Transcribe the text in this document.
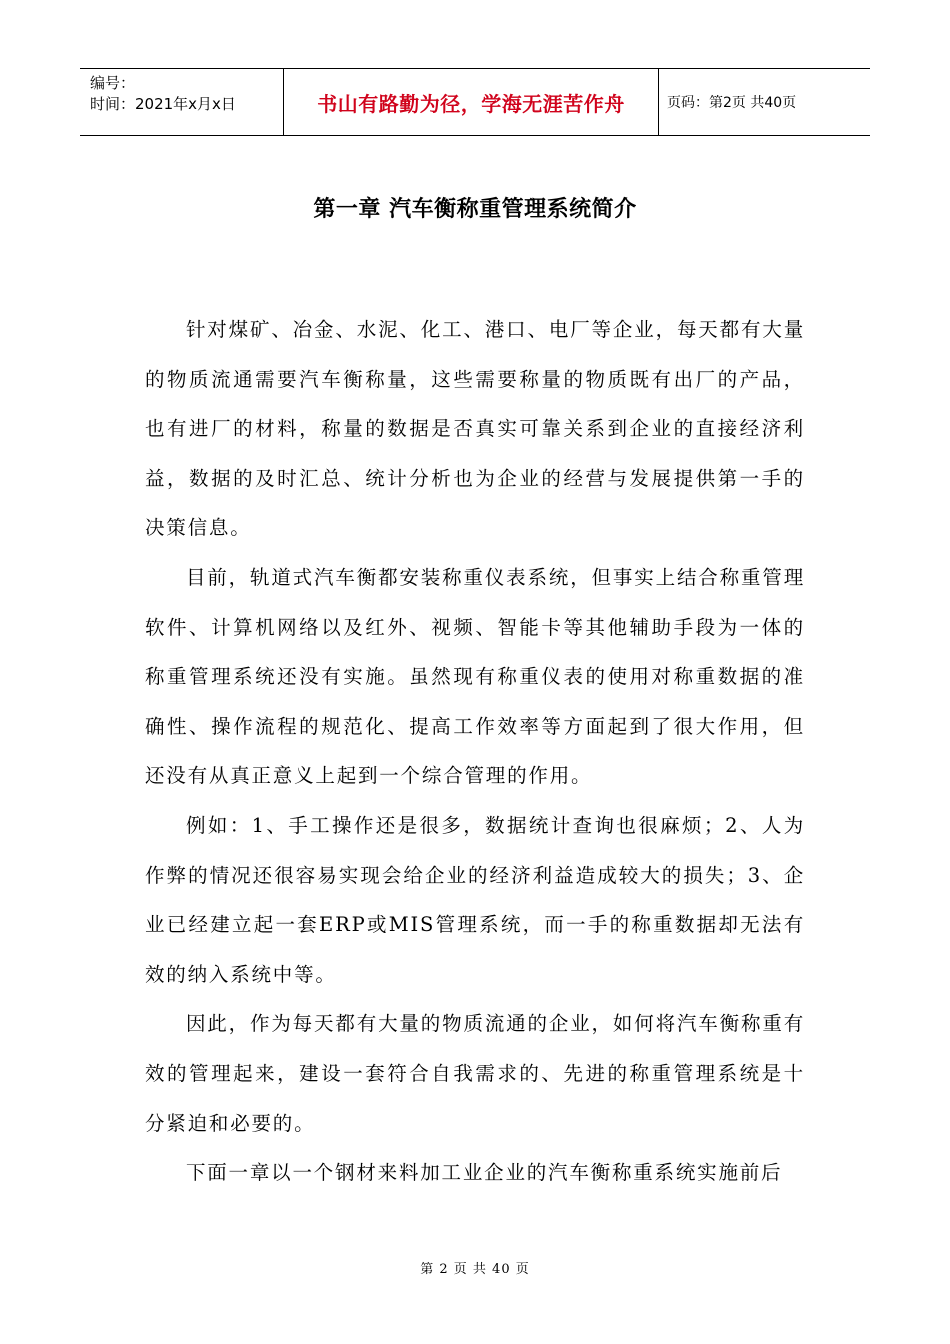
编号：
时间：2021年x月x日	书山有路勤为径，学海无涯苦作舟	页码：第2页 共40页
第一章 汽车衡称重管理系统简介

针对煤矿、冶金、水泥、化工、港口、电厂等企业，每天都有大量的物质流通需要汽车衡称量，这些需要称量的物质既有出厂的产品，也有进厂的材料，称量的数据是否真实可靠关系到企业的直接经济利益，数据的及时汇总、统计分析也为企业的经营与发展提供第一手的决策信息。

目前，轨道式汽车衡都安装称重仪表系统，但事实上结合称重管理软件、计算机网络以及红外、视频、智能卡等其他辅助手段为一体的称重管理系统还没有实施。虽然现有称重仪表的使用对称重数据的准确性、操作流程的规范化、提高工作效率等方面起到了很大作用，但还没有从真正意义上起到一个综合管理的作用。

例如：1、手工操作还是很多，数据统计查询也很麻烦；2、人为作弊的情况还很容易实现会给企业的经济利益造成较大的损失；3、企业已经建立起一套ERP或MIS管理系统，而一手的称重数据却无法有效的纳入系统中等。

因此，作为每天都有大量的物质流通的企业，如何将汽车衡称重有效的管理起来，建设一套符合自我需求的、先进的称重管理系统是十分紧迫和必要的。

下面一章以一个钢材来料加工业企业的汽车衡称重系统实施前后

第 2 页 共 40 页
